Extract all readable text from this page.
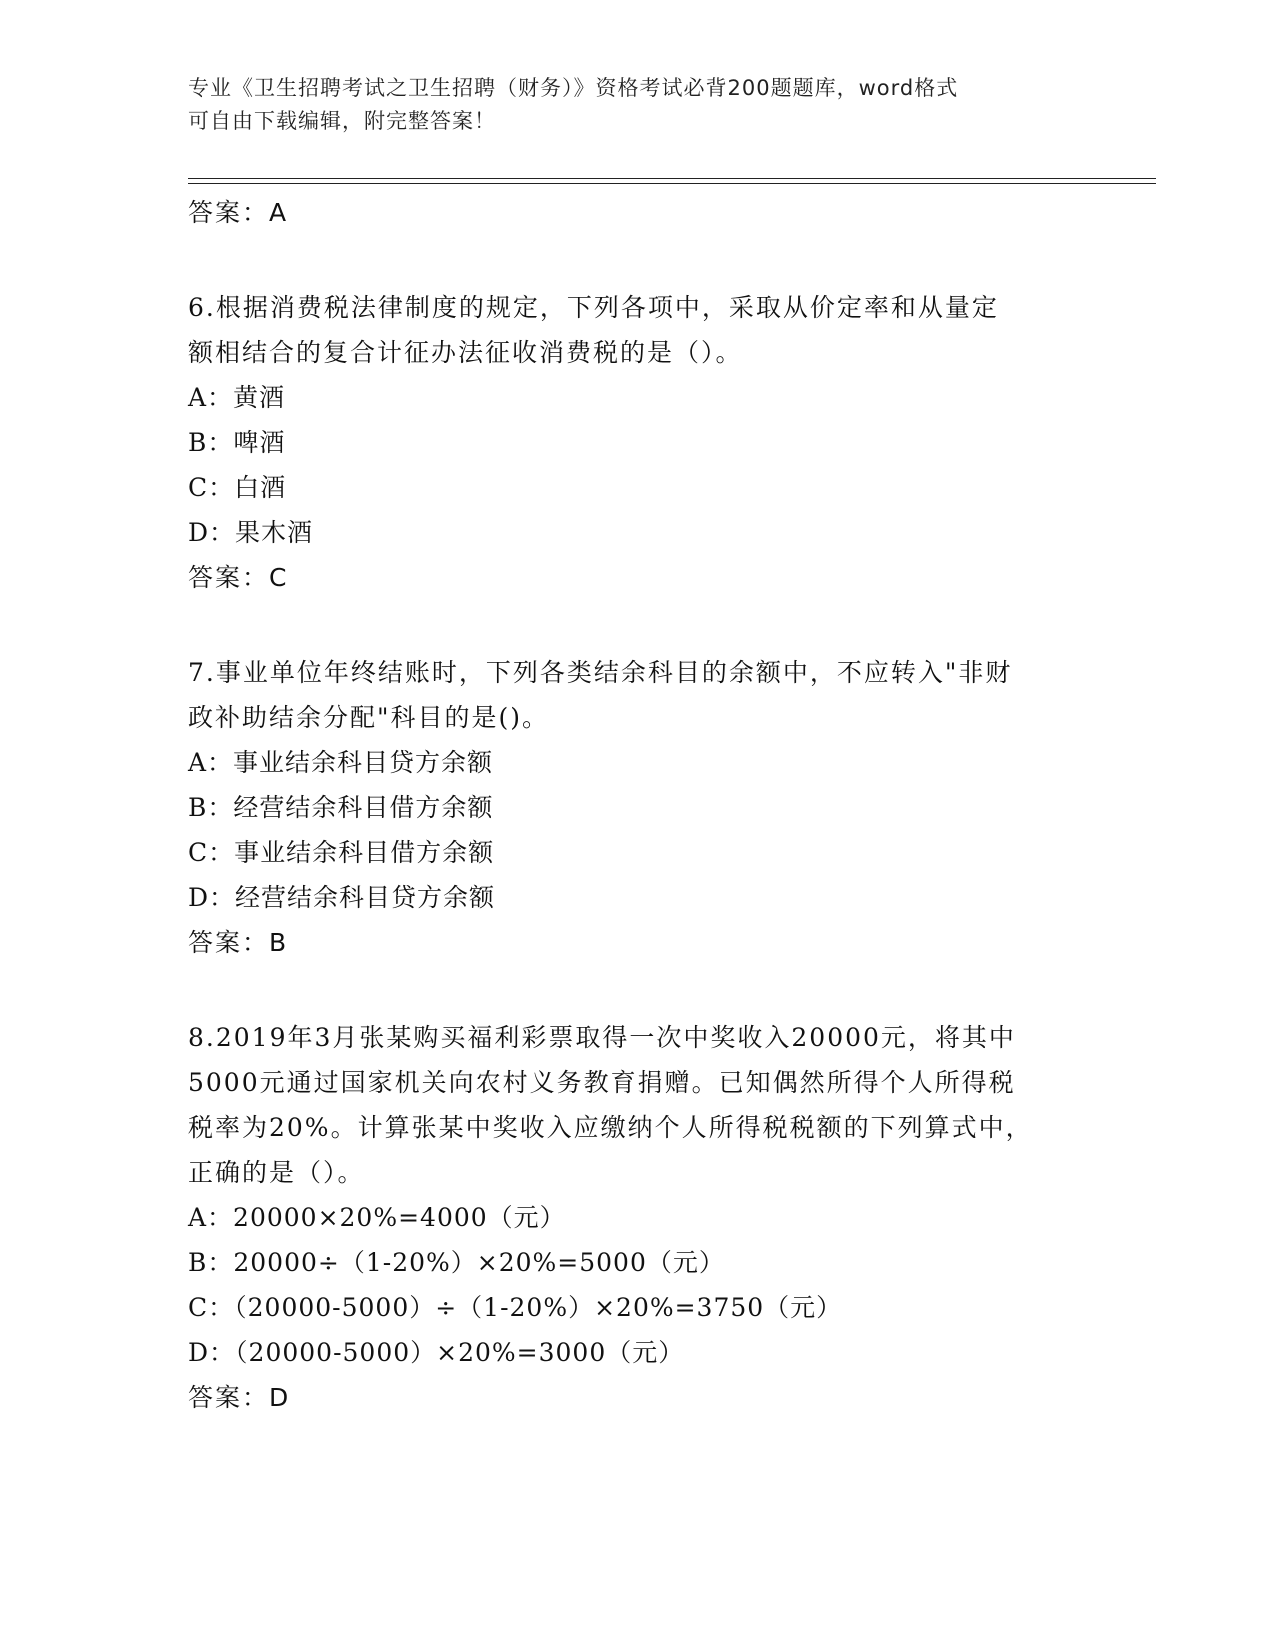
专业《卫生招聘考试之卫生招聘（财务）》资格考试必背200题题库，word格式
可自由下载编辑，附完整答案！
答案：A
6.根据消费税法律制度的规定，下列各项中，采取从价定率和从量定
额相结合的复合计征办法征收消费税的是（）。
A：黄酒
B：啤酒
C：白酒
D：果木酒
答案：C
7.事业单位年终结账时，下列各类结余科目的余额中，不应转入"非财
政补助结余分配"科目的是()。
A：事业结余科目贷方余额
B：经营结余科目借方余额
C：事业结余科目借方余额
D：经营结余科目贷方余额
答案：B
8.2019年3月张某购买福利彩票取得一次中奖收入20000元，将其中
5000元通过国家机关向农村义务教育捐赠。已知偶然所得个人所得税
税率为20%。计算张某中奖收入应缴纳个人所得税税额的下列算式中，
正确的是（）。
A：20000×20%=4000（元）
B：20000÷（1-20%）×20%=5000（元）
C：（20000-5000）÷（1-20%）×20%=3750（元）
D：（20000-5000）×20%=3000（元）
答案：D
